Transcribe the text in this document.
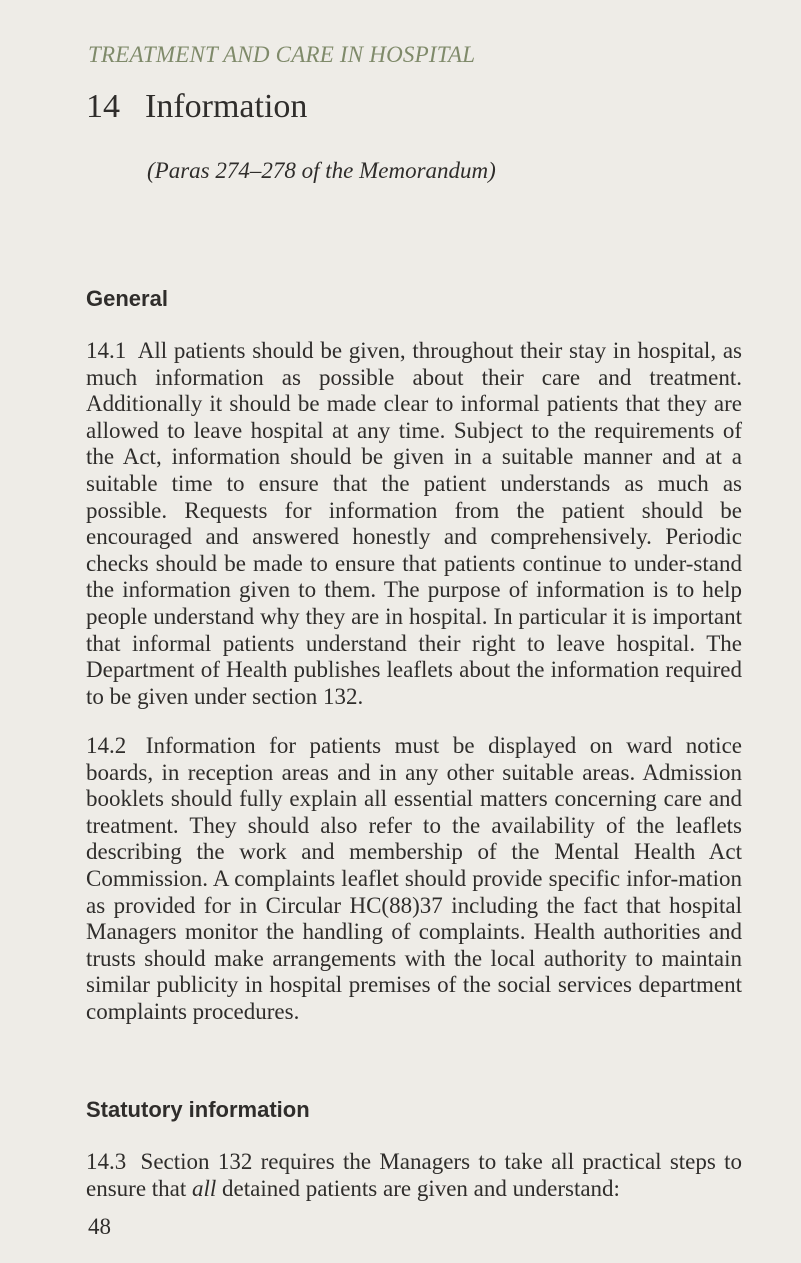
TREATMENT AND CARE IN HOSPITAL
14 Information
(Paras 274–278 of the Memorandum)
General

14.1 All patients should be given, throughout their stay in hospital, as much information as possible about their care and treatment. Additionally it should be made clear to informal patients that they are allowed to leave hospital at any time. Subject to the requirements of the Act, information should be given in a suitable manner and at a suitable time to ensure that the patient understands as much as possible. Requests for information from the patient should be encouraged and answered honestly and comprehensively. Periodic checks should be made to ensure that patients continue to under-stand the information given to them. The purpose of information is to help people understand why they are in hospital. In particular it is important that informal patients understand their right to leave hospital. The Department of Health publishes leaflets about the information required to be given under section 132.

14.2 Information for patients must be displayed on ward notice boards, in reception areas and in any other suitable areas. Admission booklets should fully explain all essential matters concerning care and treatment. They should also refer to the availability of the leaflets describing the work and membership of the Mental Health Act Commission. A complaints leaflet should provide specific infor-mation as provided for in Circular HC(88)37 including the fact that hospital Managers monitor the handling of complaints. Health authorities and trusts should make arrangements with the local authority to maintain similar publicity in hospital premises of the social services department complaints procedures.

Statutory information

14.3 Section 132 requires the Managers to take all practical steps to ensure that all detained patients are given and understand:

48
